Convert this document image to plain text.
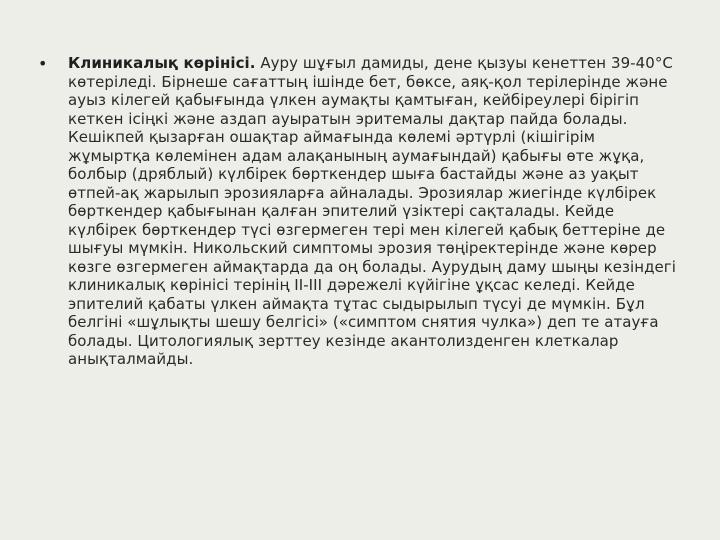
•	Клиникалық көрінісі. Ауру шұғыл дамиды, дене қызуы кенеттен 39-40°С көтеріледі. Бірнеше сағаттың ішінде бет, бөксе, аяқ-қол терілерінде және ауыз кілегей қабығында үлкен аумақты қамтыған, кейбіреулері бірігіп кеткен ісіңкі және аздап ауыратын эритемалы дақтар пайда болады. Кешікпей қызарған ошақтар аймағында көлемі әртүрлі (кішігірім жұмыртқа көлемінен адам алақанының аумағындай) қабығы өте жұқа, болбыр (дряблый) күлбірек бөрткендер шыға бастайды және аз уақыт өтпей-ақ жарылып эрозияларға айналады. Эрозиялар жиегінде күлбірек бөрткендер қабығынан қалған эпителий үзіктері сақталады. Кейде күлбірек бөрткендер түсі өзгермеген тері мен кілегей қабық беттеріне де шығуы мүмкін. Никольский симптомы эрозия төңіректерінде және көрер көзге өзгермеген аймақтарда да оң болады. Аурудың даму шыңы кезіндегі клиникалық көрінісі терінің ІІ-ІІІ дәрежелі күйігіне ұқсас келеді. Кейде эпителий қабаты үлкен аймақта тұтас сыдырылып түсуі де мүмкін. Бұл белгіні «шұлықты шешу белгісі» («симптом снятия чулка») деп те атауға болады. Цитологиялық зерттеу кезінде акантолизденген клеткалар анықталмайды.
